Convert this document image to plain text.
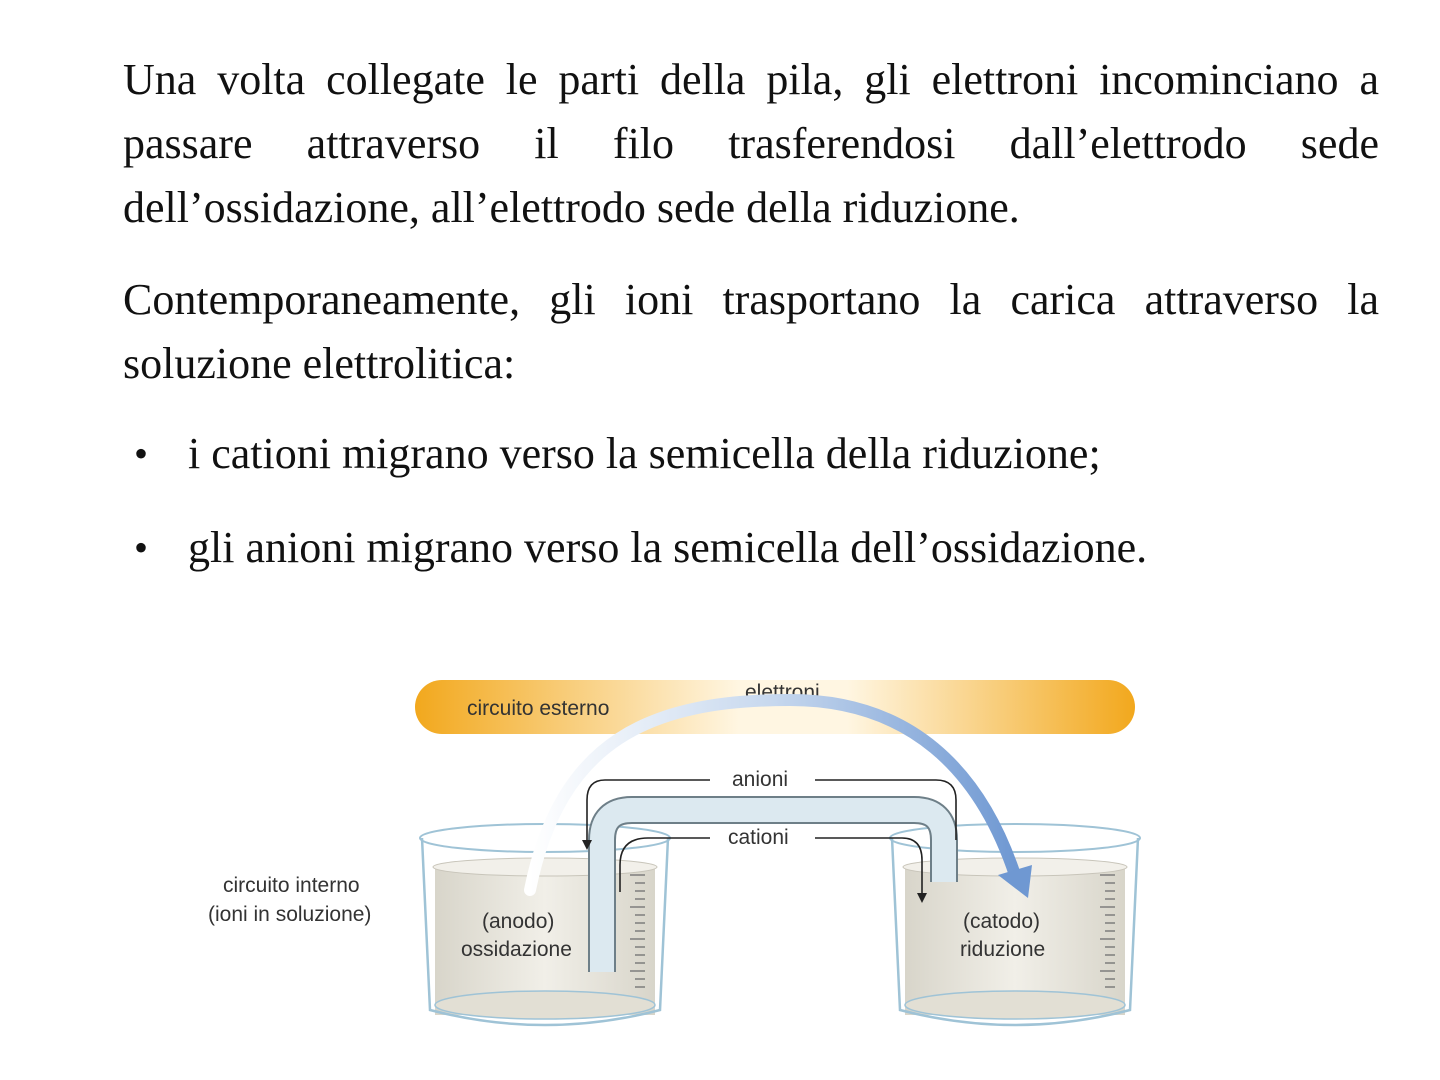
Una volta collegate le parti della pila, gli elettroni incominciano a passare attraverso il filo trasferendosi dall’elettrodo sede dell’ossidazione, all’elettrodo sede della riduzione.

Contemporaneamente, gli ioni trasportano la carica attraverso la soluzione elettrolitica:

• i cationi migrano verso la semicella della riduzione;
• gli anioni migrano verso la semicella dell’ossidazione.
circuito esterno
elettroni
anioni
cationi
circuito interno
(ioni in soluzione)	(anodo)
ossidazione
(catodo)
riduzione
